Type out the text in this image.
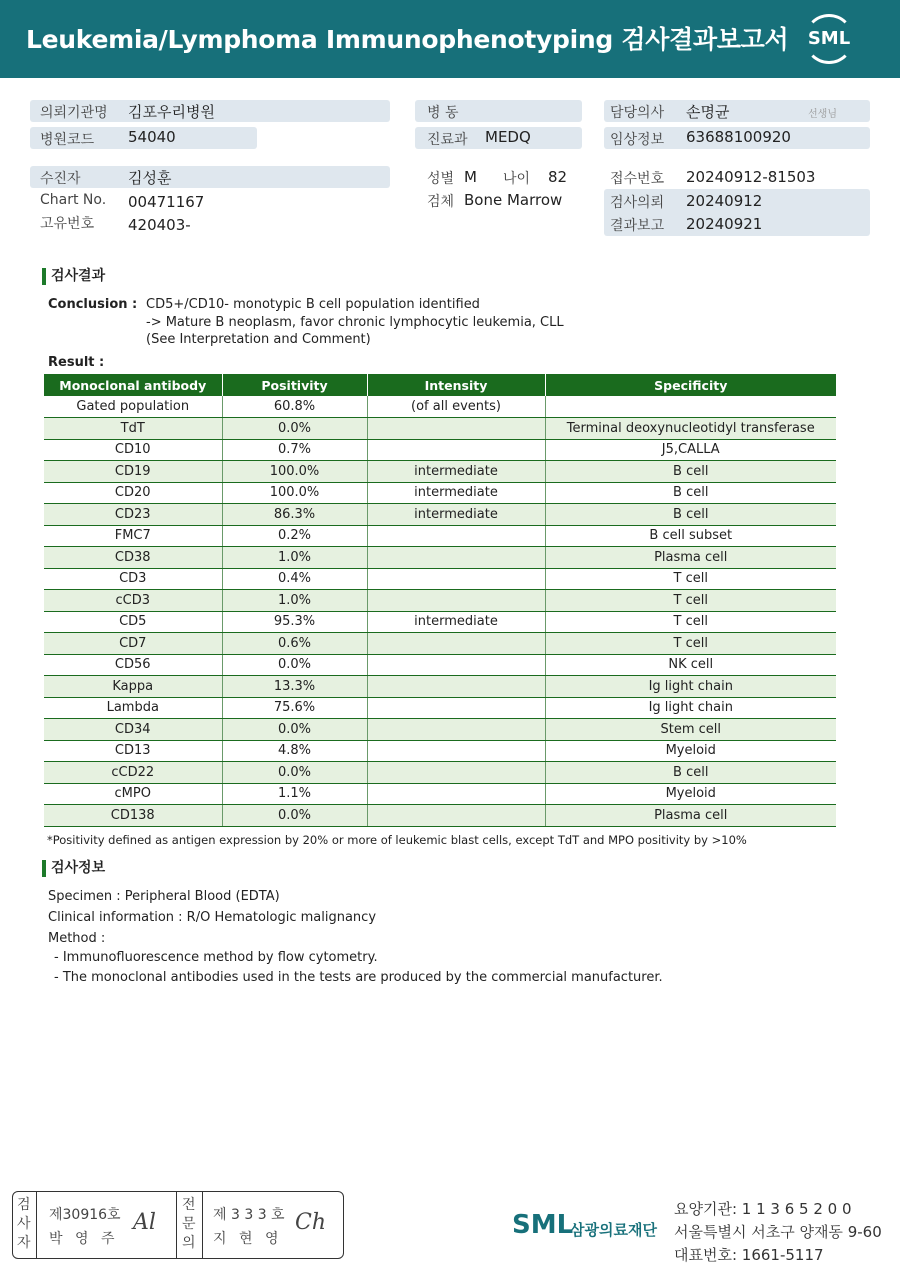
Leukemia/Lymphoma Immunophenotyping 검사결과보고서 SML
의뢰기관명 김포우리병원
병원코드 54040
병 동
진료과 MEDQ
담당의사 손명균	선생님
임상정보 63688100920
수진자	김성훈
Chart No. 00471167
고유번호 420403-
성별 M 나이 82
검체 Bone Marrow
접수번호 20240912-81503
검사의뢰 20240912
결과보고 20240921
검사결과
Conclusion : CD5+/CD10- monotypic B cell population identified
-> Mature B neoplasm, favor chronic lymphocytic leukemia, CLL
(See Interpretation and Comment)
Result :
Monoclonal antibody	Positivity	Intensity	Specificity
Gated population	60.8%	(of all events)	
TdT	0.0%		Terminal deoxynucleotidyl transferase
CD10	0.7%		J5,CALLA
CD19	100.0%	intermediate	B cell
CD20	100.0%	intermediate	B cell
CD23	86.3%	intermediate	B cell
FMC7	0.2%		B cell subset
CD38	1.0%		Plasma cell
CD3	0.4%		T cell
cCD3	1.0%		T cell
CD5	95.3%	intermediate	T cell
CD7	0.6%		T cell
CD56	0.0%		NK cell
Kappa	13.3%		Ig light chain
Lambda	75.6%		Ig light chain
CD34	0.0%		Stem cell
CD13	4.8%		Myeloid
cCD22	0.0%		B cell
cMPO	1.1%		Myeloid
CD138	0.0%		Plasma cell
*Positivity defined as antigen expression by 20% or more of leukemic blast cells, except TdT and MPO positivity by >10%
검사정보
Specimen : Peripheral Blood (EDTA)
Clinical information : R/O Hematologic malignancy
Method :
- Immunofluorescence method by flow cytometry.
- The monoclonal antibodies used in the tests are produced by the commercial manufacturer.
검사자
제30916호
박 영 주
Al
전문의
제 3 3 3 호
지 현 영
Ch	SML
삼광의료재단
요양기관: 1 1 3 6 5 2 0 0
서울특별시 서초구 양재동 9-60
대표번호: 1661-5117
